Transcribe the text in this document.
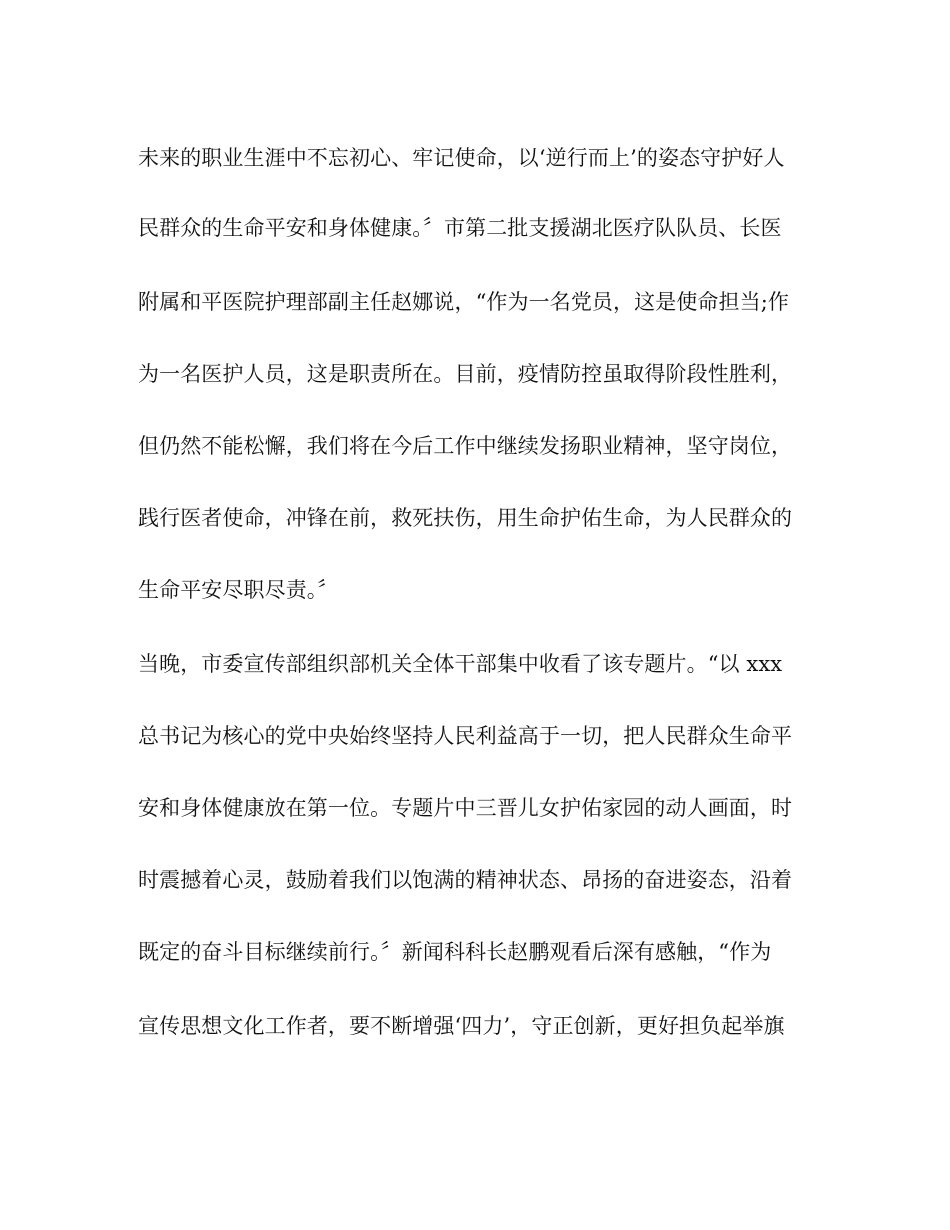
未来的职业生涯中不忘初心、牢记使命，以‘逆行而上’的姿态守护好人
民群众的生命平安和身体健康。〞市第二批支援湖北医疗队队员、长医
附属和平医院护理部副主任赵娜说，“作为一名党员，这是使命担当;作
为一名医护人员，这是职责所在。目前，疫情防控虽取得阶段性胜利，
但仍然不能松懈，我们将在今后工作中继续发扬职业精神，坚守岗位，
践行医者使命，冲锋在前，救死扶伤，用生命护佑生命，为人民群众的
生命平安尽职尽责。〞
当晚，市委宣传部组织部机关全体干部集中收看了该专题片。“以 xxx
总书记为核心的党中央始终坚持人民利益高于一切，把人民群众生命平
安和身体健康放在第一位。专题片中三晋儿女护佑家园的动人画面，时
时震撼着心灵，鼓励着我们以饱满的精神状态、昂扬的奋进姿态，沿着
既定的奋斗目标继续前行。〞新闻科科长赵鹏观看后深有感触，“作为
宣传思想文化工作者，要不断增强‘四力’，守正创新，更好担负起举旗
